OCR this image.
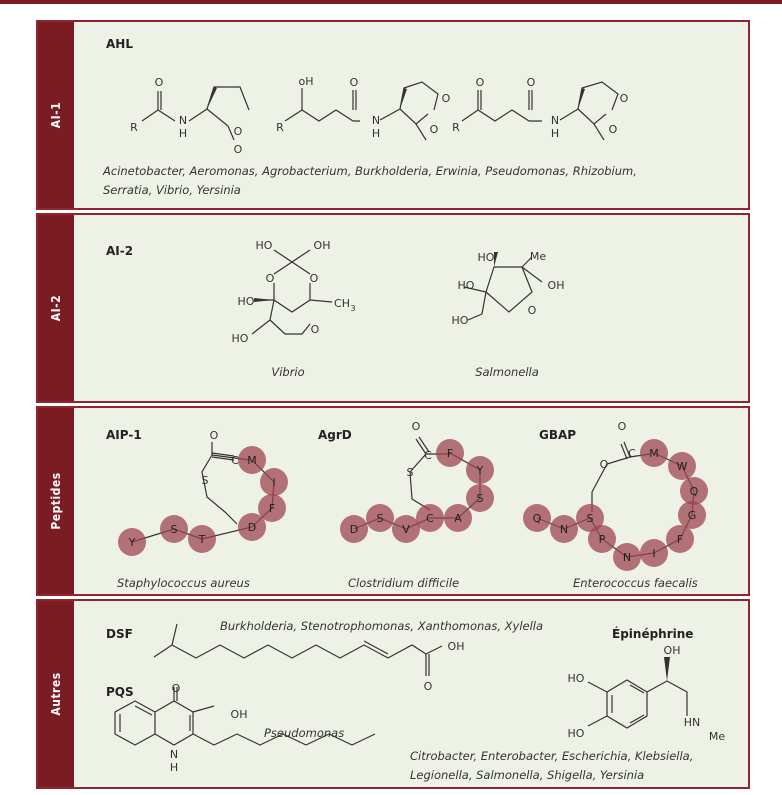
AI-1
O
R
N
H	O
O
oH
R
O
N
H
O
O
O
R
O
N
H
O
O
AHL
Acinetobacter, Aeromonas, Agrobacterium, Burkholderia, Erwinia, Pseudomonas, Rhizobium,
Serratia, Vibrio, Yersinia
AI-2
HO	OH
O	O
HO	CH 3
O
HO
HO	Me
HO	OH
O
HO
AI-2
Vibrio	Salmonella
Peptides
Y
S
T
D
F
I
M
D
S
V
C A
S
Y
F
Q
N
S
P
N I
F
G
Q
W
M
O
S
C
O
S
C
O
O
C
AIP-1	AgrD	GBAP
Staphylococcus aureus	Clostridium difficile	Enterococcus faecalis
Autres
OH
O
O
OH
N
H
OH
HO
HO
HN
Me
DSF
Burkholderia, Stenotrophomonas, Xanthomonas, Xylella
PQS
Pseudomonas
Épinéphrine
Citrobacter, Enterobacter, Escherichia, Klebsiella,
Legionella, Salmonella, Shigella, Yersinia
